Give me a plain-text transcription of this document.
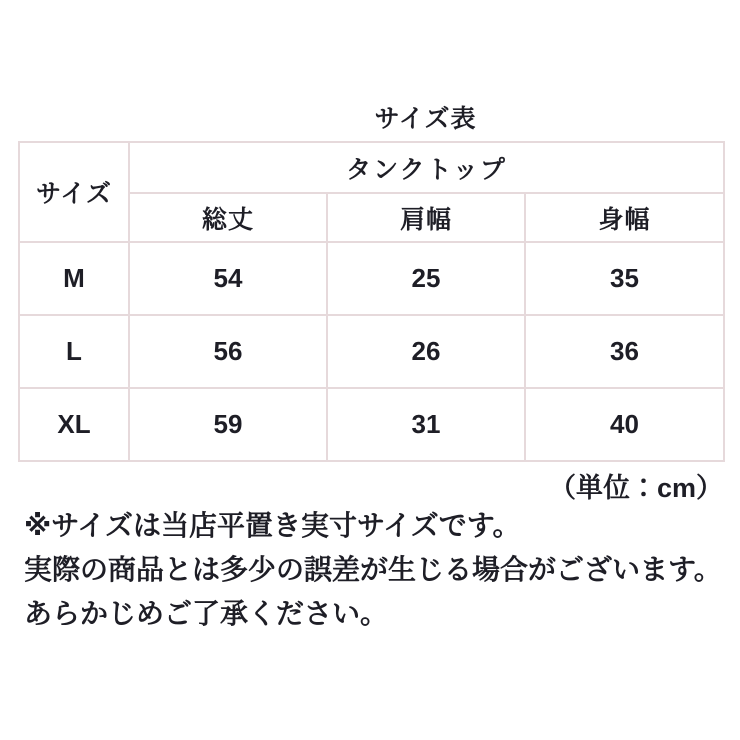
サイズ表
サイズ	タンクトップ		
	総丈	肩幅	身幅
M	54	25	35
L	56	26	36
XL	59	31	40

（単位：cm）

※サイズは当店平置き実寸サイズです。

実際の商品とは多少の誤差が生じる場合がございます。

あらかじめご了承ください。
